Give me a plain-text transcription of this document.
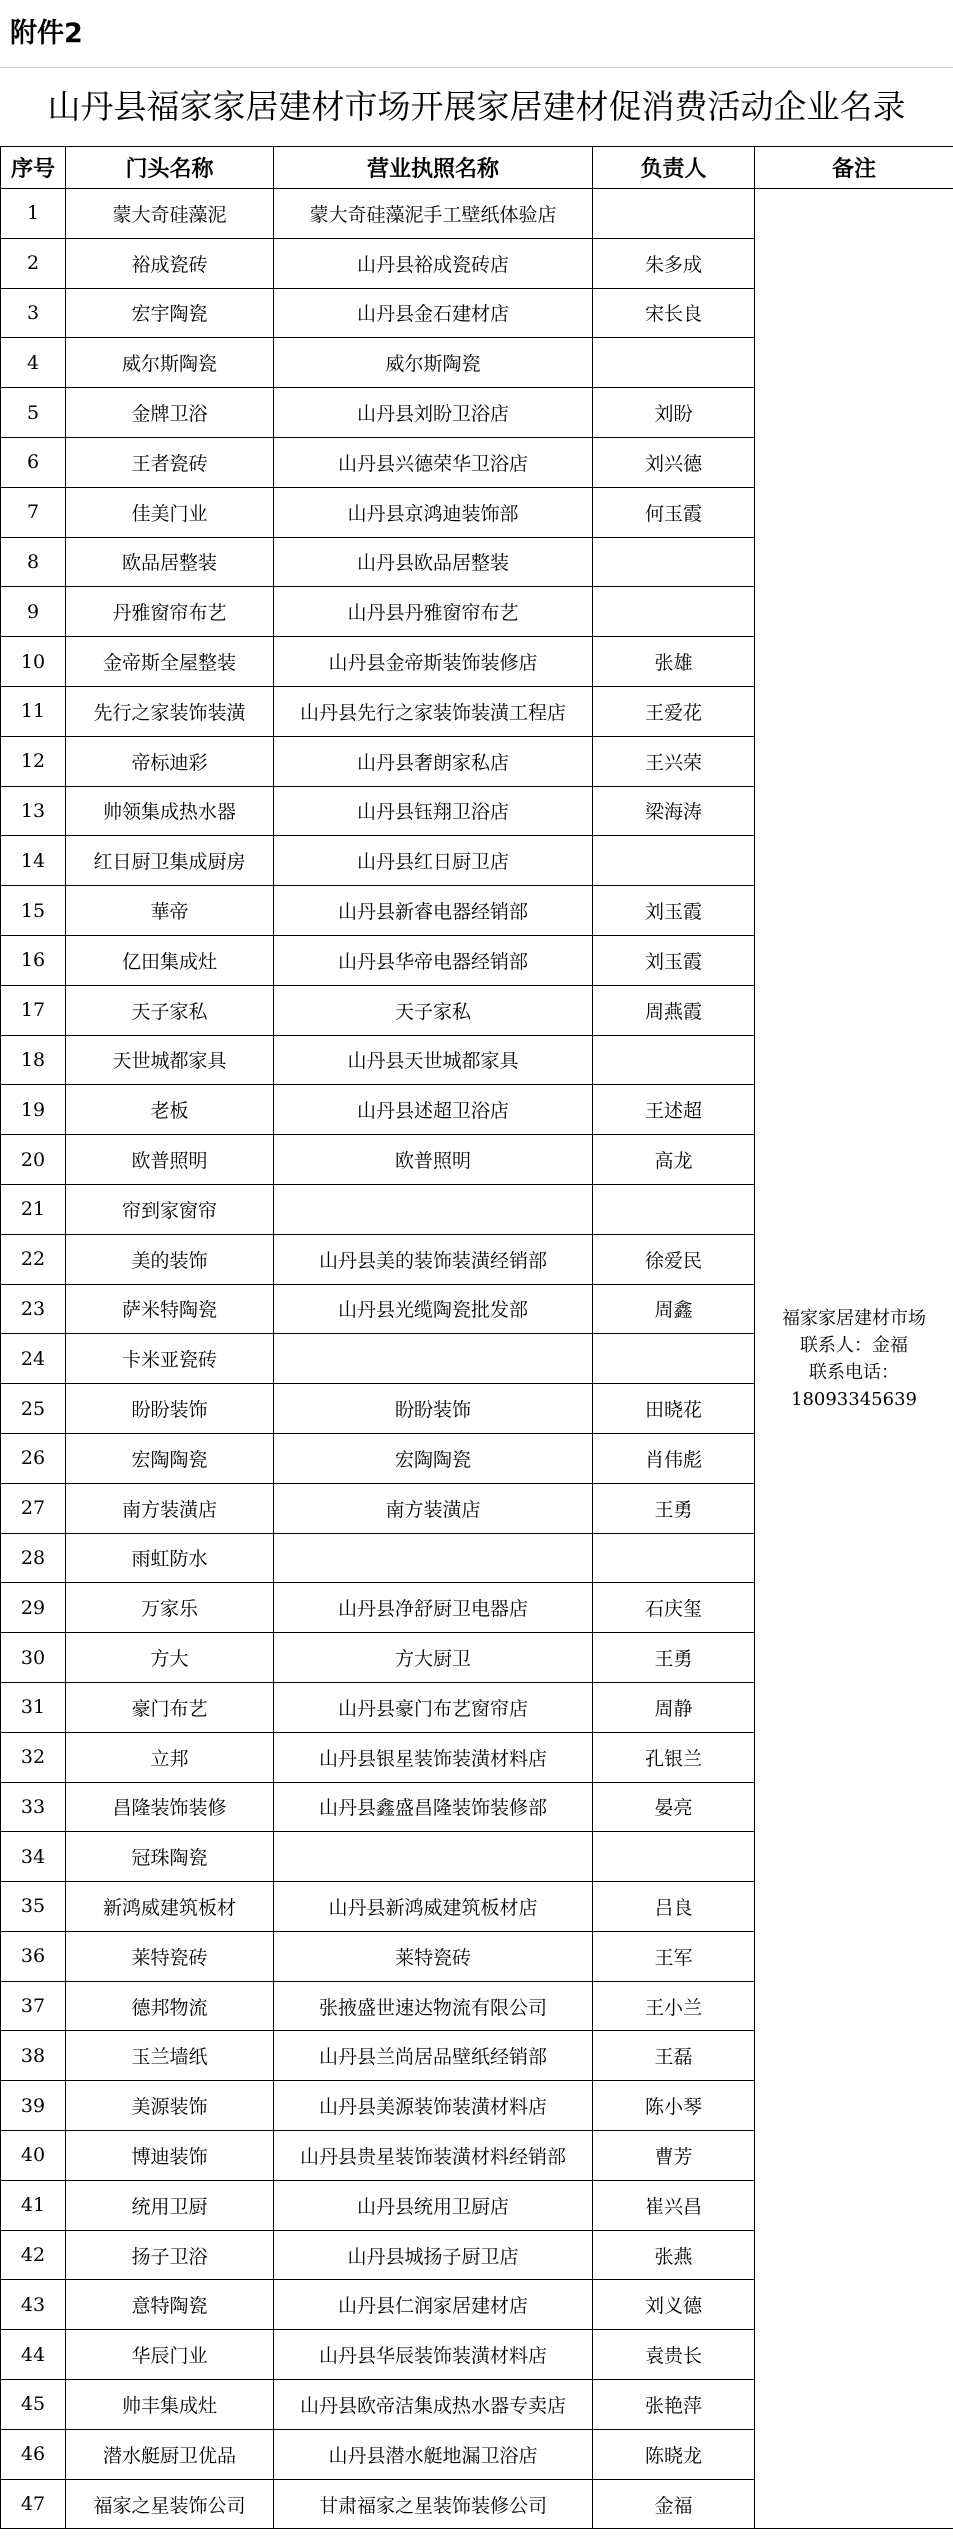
附件2
山丹县福家家居建材市场开展家居建材促消费活动企业名录
序号	门头名称	营业执照名称	负责人	备注
1	蒙大奇硅藻泥	蒙大奇硅藻泥手工壁纸体验店		福家家居建材市场
联系人：金福
联系电话：
18093345639

2	裕成瓷砖	山丹县裕成瓷砖店	朱多成	
3	宏宇陶瓷	山丹县金石建材店	宋长良	
4	威尔斯陶瓷	威尔斯陶瓷		
5	金牌卫浴	山丹县刘盼卫浴店	刘盼	
6	王者瓷砖	山丹县兴德荣华卫浴店	刘兴德	
7	佳美门业	山丹县京鸿迪装饰部	何玉霞	
8	欧品居整装	山丹县欧品居整装		
9	丹雅窗帘布艺	山丹县丹雅窗帘布艺		
10	金帝斯全屋整装	山丹县金帝斯装饰装修店	张雄	
11	先行之家装饰装潢	山丹县先行之家装饰装潢工程店	王爱花	
12	帝标迪彩	山丹县奢朗家私店	王兴荣	
13	帅领集成热水器	山丹县钰翔卫浴店	梁海涛	
14	红日厨卫集成厨房	山丹县红日厨卫店		
15	華帝	山丹县新睿电器经销部	刘玉霞	
16	亿田集成灶	山丹县华帝电器经销部	刘玉霞	
17	天子家私	天子家私	周燕霞	
18	天世城都家具	山丹县天世城都家具		
19	老板	山丹县述超卫浴店	王述超	
20	欧普照明	欧普照明	高龙	
21	帘到家窗帘			
22	美的装饰	山丹县美的装饰装潢经销部	徐爱民	
23	萨米特陶瓷	山丹县光缆陶瓷批发部	周鑫	
24	卡米亚瓷砖			
25	盼盼装饰	盼盼装饰	田晓花	
26	宏陶陶瓷	宏陶陶瓷	肖伟彪	
27	南方装潢店	南方装潢店	王勇	
28	雨虹防水			
29	万家乐	山丹县净舒厨卫电器店	石庆玺	
30	方大	方大厨卫	王勇	
31	豪门布艺	山丹县豪门布艺窗帘店	周静	
32	立邦	山丹县银星装饰装潢材料店	孔银兰	
33	昌隆装饰装修	山丹县鑫盛昌隆装饰装修部	晏亮	
34	冠珠陶瓷			
35	新鸿威建筑板材	山丹县新鸿威建筑板材店	吕良	
36	莱特瓷砖	莱特瓷砖	王军	
37	德邦物流	张掖盛世速达物流有限公司	王小兰	
38	玉兰墙纸	山丹县兰尚居品壁纸经销部	王磊	
39	美源装饰	山丹县美源装饰装潢材料店	陈小琴	
40	博迪装饰	山丹县贵星装饰装潢材料经销部	曹芳	
41	统用卫厨	山丹县统用卫厨店	崔兴昌	
42	扬子卫浴	山丹县城扬子厨卫店	张燕	
43	意特陶瓷	山丹县仁润家居建材店	刘义德	
44	华辰门业	山丹县华辰装饰装潢材料店	袁贵长	
45	帅丰集成灶	山丹县欧帝洁集成热水器专卖店	张艳萍	
46	潜水艇厨卫优品	山丹县潜水艇地漏卫浴店	陈晓龙	
47	福家之星装饰公司	甘肃福家之星装饰装修公司	金福	
